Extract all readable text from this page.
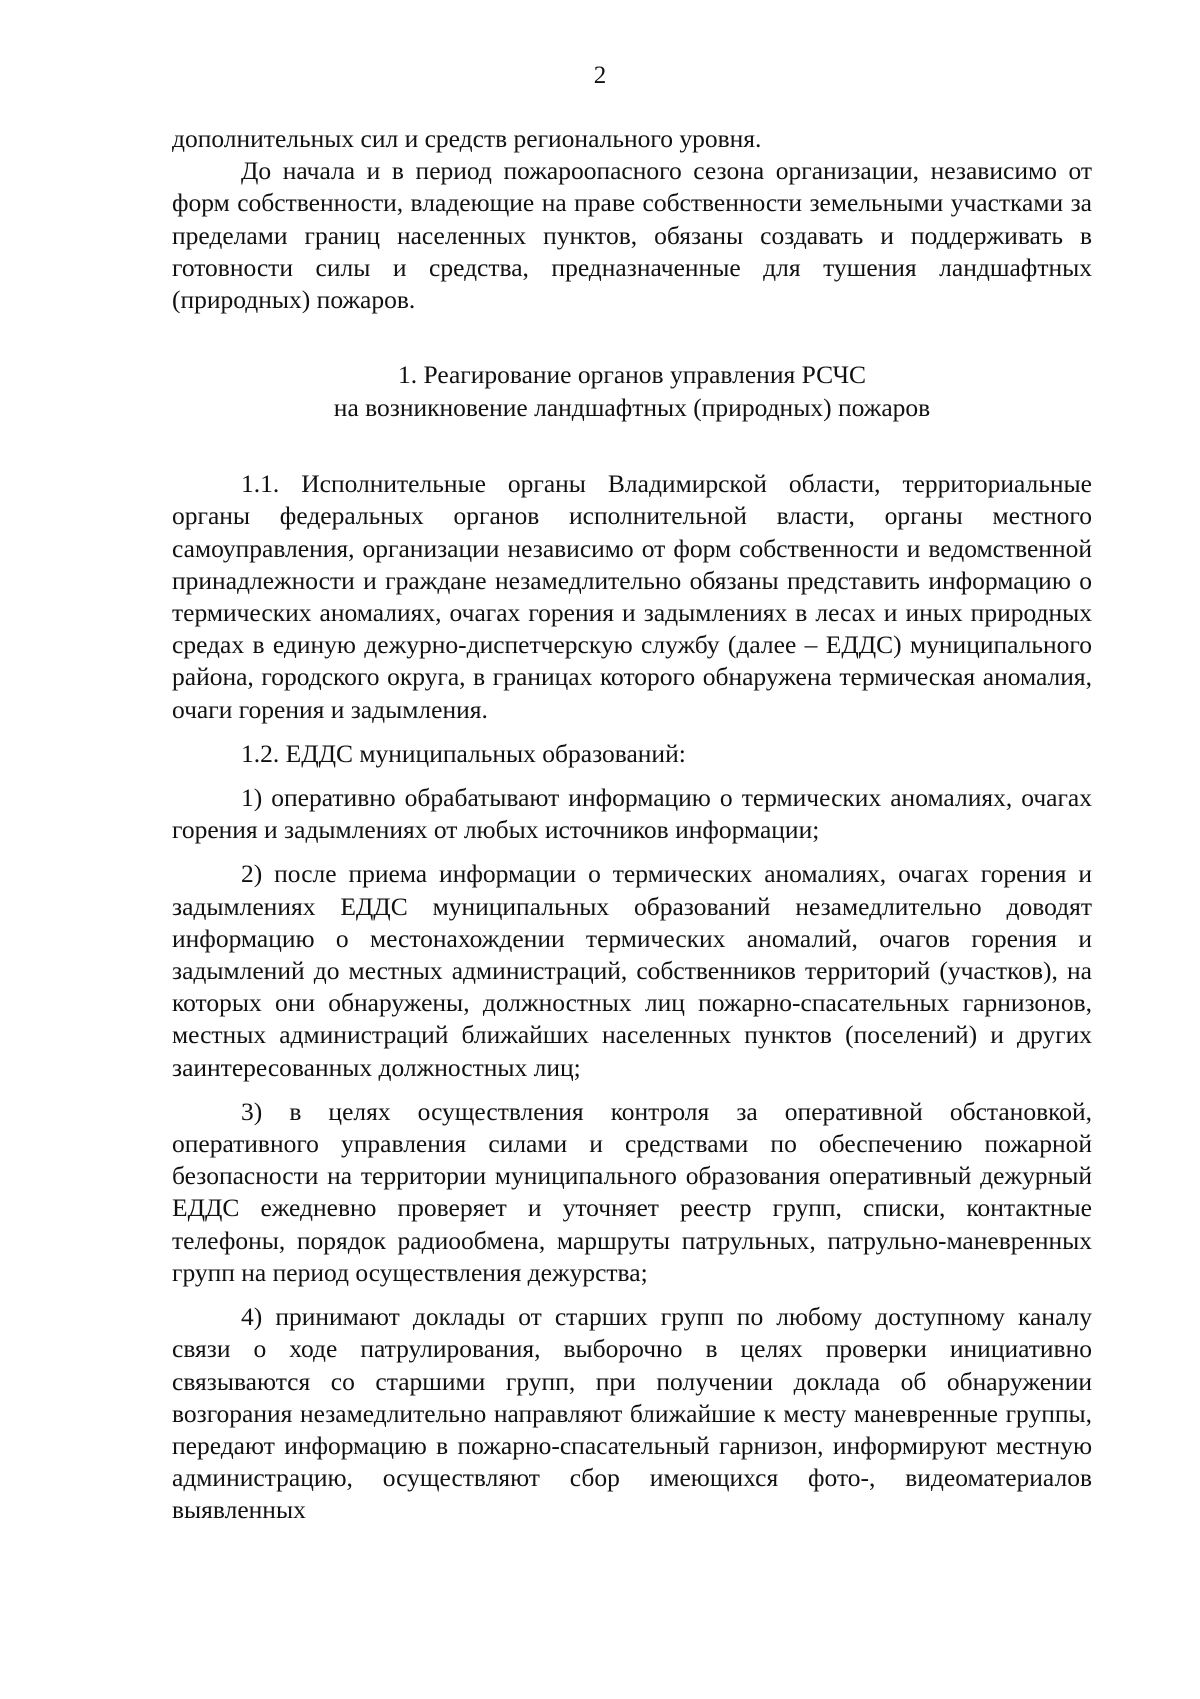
2

дополнительных сил и средств регионального уровня.

До начала и в период пожароопасного сезона организации, независимо от форм собственности, владеющие на праве собственности земельными участками за пределами границ населенных пунктов, обязаны создавать и поддерживать в готовности силы и средства, предназначенные для тушения ландшафтных (природных) пожаров.

1. Реагирование органов управления РСЧС
на возникновение ландшафтных (природных) пожаров

1.1. Исполнительные органы Владимирской области, территориальные органы федеральных органов исполнительной власти, органы местного самоуправления, организации независимо от форм собственности и ведомственной принадлежности и граждане незамедлительно обязаны представить информацию о термических аномалиях, очагах горения и задымлениях в лесах и иных природных средах в единую дежурно-диспетчерскую службу (далее – ЕДДС) муниципального района, городского округа, в границах которого обнаружена термическая аномалия, очаги горения и задымления.

1.2. ЕДДС муниципальных образований:

1) оперативно обрабатывают информацию о термических аномалиях, очагах горения и задымлениях от любых источников информации;

2) после приема информации о термических аномалиях, очагах горения и задымлениях ЕДДС муниципальных образований незамедлительно доводят информацию о местонахождении термических аномалий, очагов горения и задымлений до местных администраций, собственников территорий (участков), на которых они обнаружены, должностных лиц пожарно-спасательных гарнизонов, местных администраций ближайших населенных пунктов (поселений) и других заинтересованных должностных лиц;

3) в целях осуществления контроля за оперативной обстановкой, оперативного управления силами и средствами по обеспечению пожарной безопасности на территории муниципального образования оперативный дежурный ЕДДС ежедневно проверяет и уточняет реестр групп, списки, контактные телефоны, порядок радиообмена, маршруты патрульных, патрульно-маневренных групп на период осуществления дежурства;

4) принимают доклады от старших групп по любому доступному каналу связи о ходе патрулирования, выборочно в целях проверки инициативно связываются со старшими групп, при получении доклада об обнаружении возгорания незамедлительно направляют ближайшие к месту маневренные группы, передают информацию в пожарно-спасательный гарнизон, информируют местную администрацию, осуществляют сбор имеющихся фото-, видеоматериалов выявленных
